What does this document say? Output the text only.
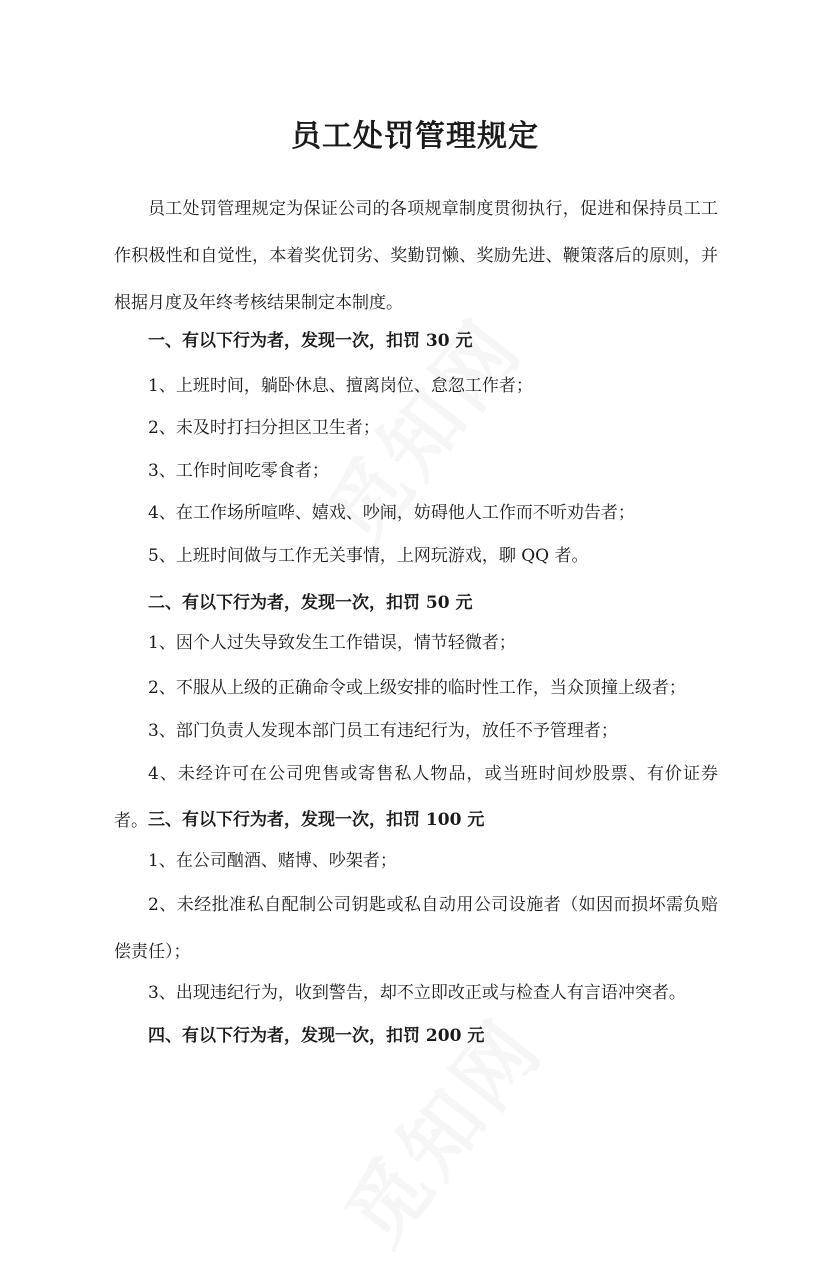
员工处罚管理规定

员工处罚管理规定为保证公司的各项规章制度贯彻执行，促进和保持员工工作积极性和自觉性，本着奖优罚劣、奖勤罚懒、奖励先进、鞭策落后的原则，并根据月度及年终考核结果制定本制度。

一、有以下行为者，发现一次，扣罚 30 元

1、上班时间，躺卧休息、擅离岗位、怠忽工作者；

2、未及时打扫分担区卫生者；

3、工作时间吃零食者；

4、在工作场所喧哗、嬉戏、吵闹，妨碍他人工作而不听劝告者；

5、上班时间做与工作无关事情，上网玩游戏，聊 QQ 者。

二、有以下行为者，发现一次，扣罚 50 元

1、因个人过失导致发生工作错误，情节轻微者；

2、不服从上级的正确命令或上级安排的临时性工作，当众顶撞上级者；

3、部门负责人发现本部门员工有违纪行为，放任不予管理者；

4、未经许可在公司兜售或寄售私人物品，或当班时间炒股票、有价证券者。 三、有以下行为者，发现一次，扣罚 100 元

1、在公司酗酒、赌博、吵架者；

2、未经批准私自配制公司钥匙或私自动用公司设施者（如因而损坏需负赔偿责任）；

3、出现违纪行为，收到警告，却不立即改正或与检查人有言语冲突者。

四、有以下行为者，发现一次，扣罚 200 元
